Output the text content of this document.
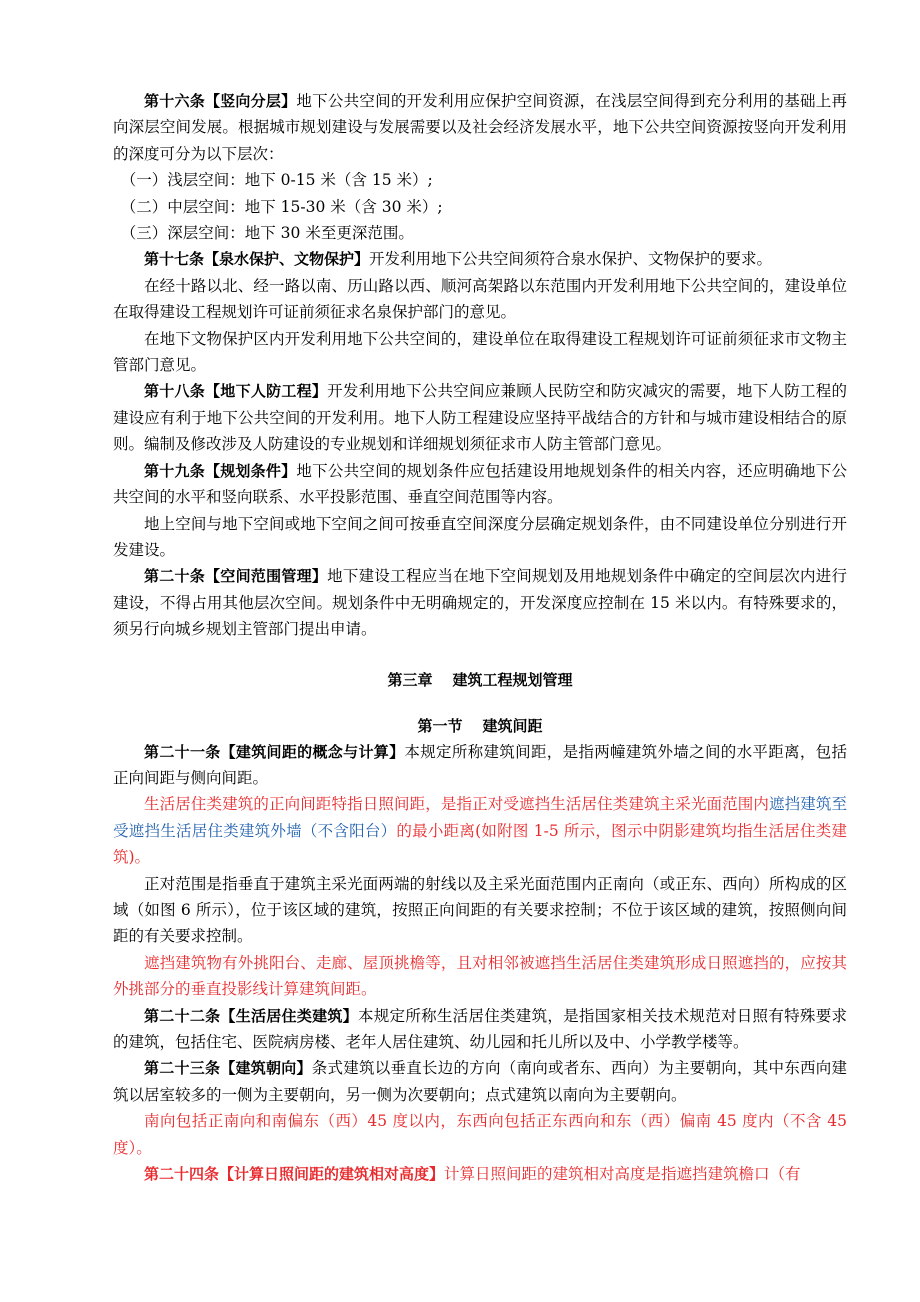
第十六条【竖向分层】地下公共空间的开发利用应保护空间资源，在浅层空间得到充分利用的基础上再向深层空间发展。根据城市规划建设与发展需要以及社会经济发展水平，地下公共空间资源按竖向开发利用的深度可分为以下层次：

（一）浅层空间：地下 0-15 米（含 15 米）;

（二）中层空间：地下 15-30 米（含 30 米）;

（三）深层空间：地下 30 米至更深范围。

第十七条【泉水保护、文物保护】开发利用地下公共空间须符合泉水保护、文物保护的要求。

在经十路以北、经一路以南、历山路以西、顺河高架路以东范围内开发利用地下公共空间的，建设单位在取得建设工程规划许可证前须征求名泉保护部门的意见。

在地下文物保护区内开发利用地下公共空间的，建设单位在取得建设工程规划许可证前须征求市文物主管部门意见。

第十八条【地下人防工程】开发利用地下公共空间应兼顾人民防空和防灾减灾的需要，地下人防工程的建设应有利于地下公共空间的开发利用。地下人防工程建设应坚持平战结合的方针和与城市建设相结合的原则。编制及修改涉及人防建设的专业规划和详细规划须征求市人防主管部门意见。

第十九条【规划条件】地下公共空间的规划条件应包括建设用地规划条件的相关内容，还应明确地下公共空间的水平和竖向联系、水平投影范围、垂直空间范围等内容。

地上空间与地下空间或地下空间之间可按垂直空间深度分层确定规划条件，由不同建设单位分别进行开发建设。

第二十条【空间范围管理】地下建设工程应当在地下空间规划及用地规划条件中确定的空间层次内进行建设，不得占用其他层次空间。规划条件中无明确规定的，开发深度应控制在 15 米以内。有特殊要求的，须另行向城乡规划主管部门提出申请。

第三章 建筑工程规划管理
第一节 建筑间距

第二十一条【建筑间距的概念与计算】本规定所称建筑间距，是指两幢建筑外墙之间的水平距离，包括正向间距与侧向间距。

生活居住类建筑的正向间距特指日照间距，是指正对受遮挡生活居住类建筑主采光面范围内遮挡建筑至受遮挡生活居住类建筑外墙（不含阳台）的最小距离(如附图 1-5 所示，图示中阴影建筑均指生活居住类建筑)。

正对范围是指垂直于建筑主采光面两端的射线以及主采光面范围内正南向（或正东、西向）所构成的区域（如图 6 所示），位于该区域的建筑，按照正向间距的有关要求控制；不位于该区域的建筑，按照侧向间距的有关要求控制。

遮挡建筑物有外挑阳台、走廊、屋顶挑檐等，且对相邻被遮挡生活居住类建筑形成日照遮挡的，应按其外挑部分的垂直投影线计算建筑间距。

第二十二条【生活居住类建筑】本规定所称生活居住类建筑，是指国家相关技术规范对日照有特殊要求的建筑，包括住宅、医院病房楼、老年人居住建筑、幼儿园和托儿所以及中、小学教学楼等。

第二十三条【建筑朝向】条式建筑以垂直长边的方向（南向或者东、西向）为主要朝向，其中东西向建筑以居室较多的一侧为主要朝向，另一侧为次要朝向；点式建筑以南向为主要朝向。

南向包括正南向和南偏东（西）45 度以内，东西向包括正东西向和东（西）偏南 45 度内（不含 45 度）。

第二十四条【计算日照间距的建筑相对高度】计算日照间距的建筑相对高度是指遮挡建筑檐口（有
